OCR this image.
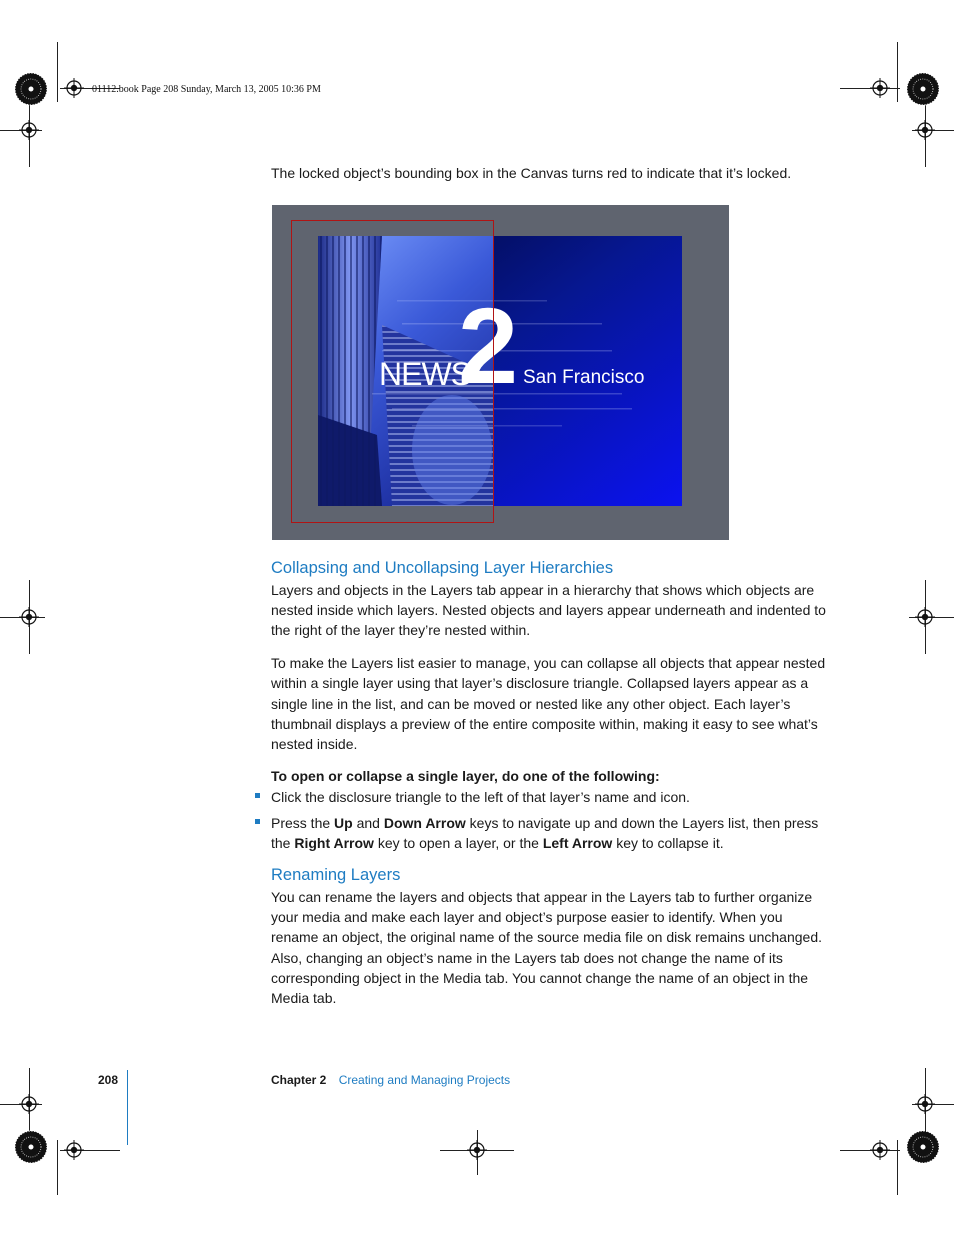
01112.book Page 208 Sunday, March 13, 2005 10:36 PM

The locked object’s bounding box in the Canvas turns red to indicate that it’s locked.

NEWS
2 San Francisco
Collapsing and Uncollapsing Layer Hierarchies

Layers and objects in the Layers tab appear in a hierarchy that shows which objects are nested inside which layers. Nested objects and layers appear underneath and indented to the right of the layer they’re nested within.

To make the Layers list easier to manage, you can collapse all objects that appear nested within a single layer using that layer’s disclosure triangle. Collapsed layers appear as a single line in the list, and can be moved or nested like any other object. Each layer’s thumbnail displays a preview of the entire composite within, making it easy to see what’s nested inside.

To open or collapse a single layer, do one of the following:

Click the disclosure triangle to the left of that layer’s name and icon.
Press the Up and Down Arrow keys to navigate up and down the Layers list, then press the Right Arrow key to open a layer, or the Left Arrow key to collapse it.
Renaming Layers

You can rename the layers and objects that appear in the Layers tab to further organize your media and make each layer and object’s purpose easier to identify. When you rename an object, the original name of the source media file on disk remains unchanged. Also, changing an object’s name in the Layers tab does not change the name of its corresponding object in the Media tab. You cannot change the name of an object in the Media tab.

208	Chapter 2 Creating and Managing Projects
